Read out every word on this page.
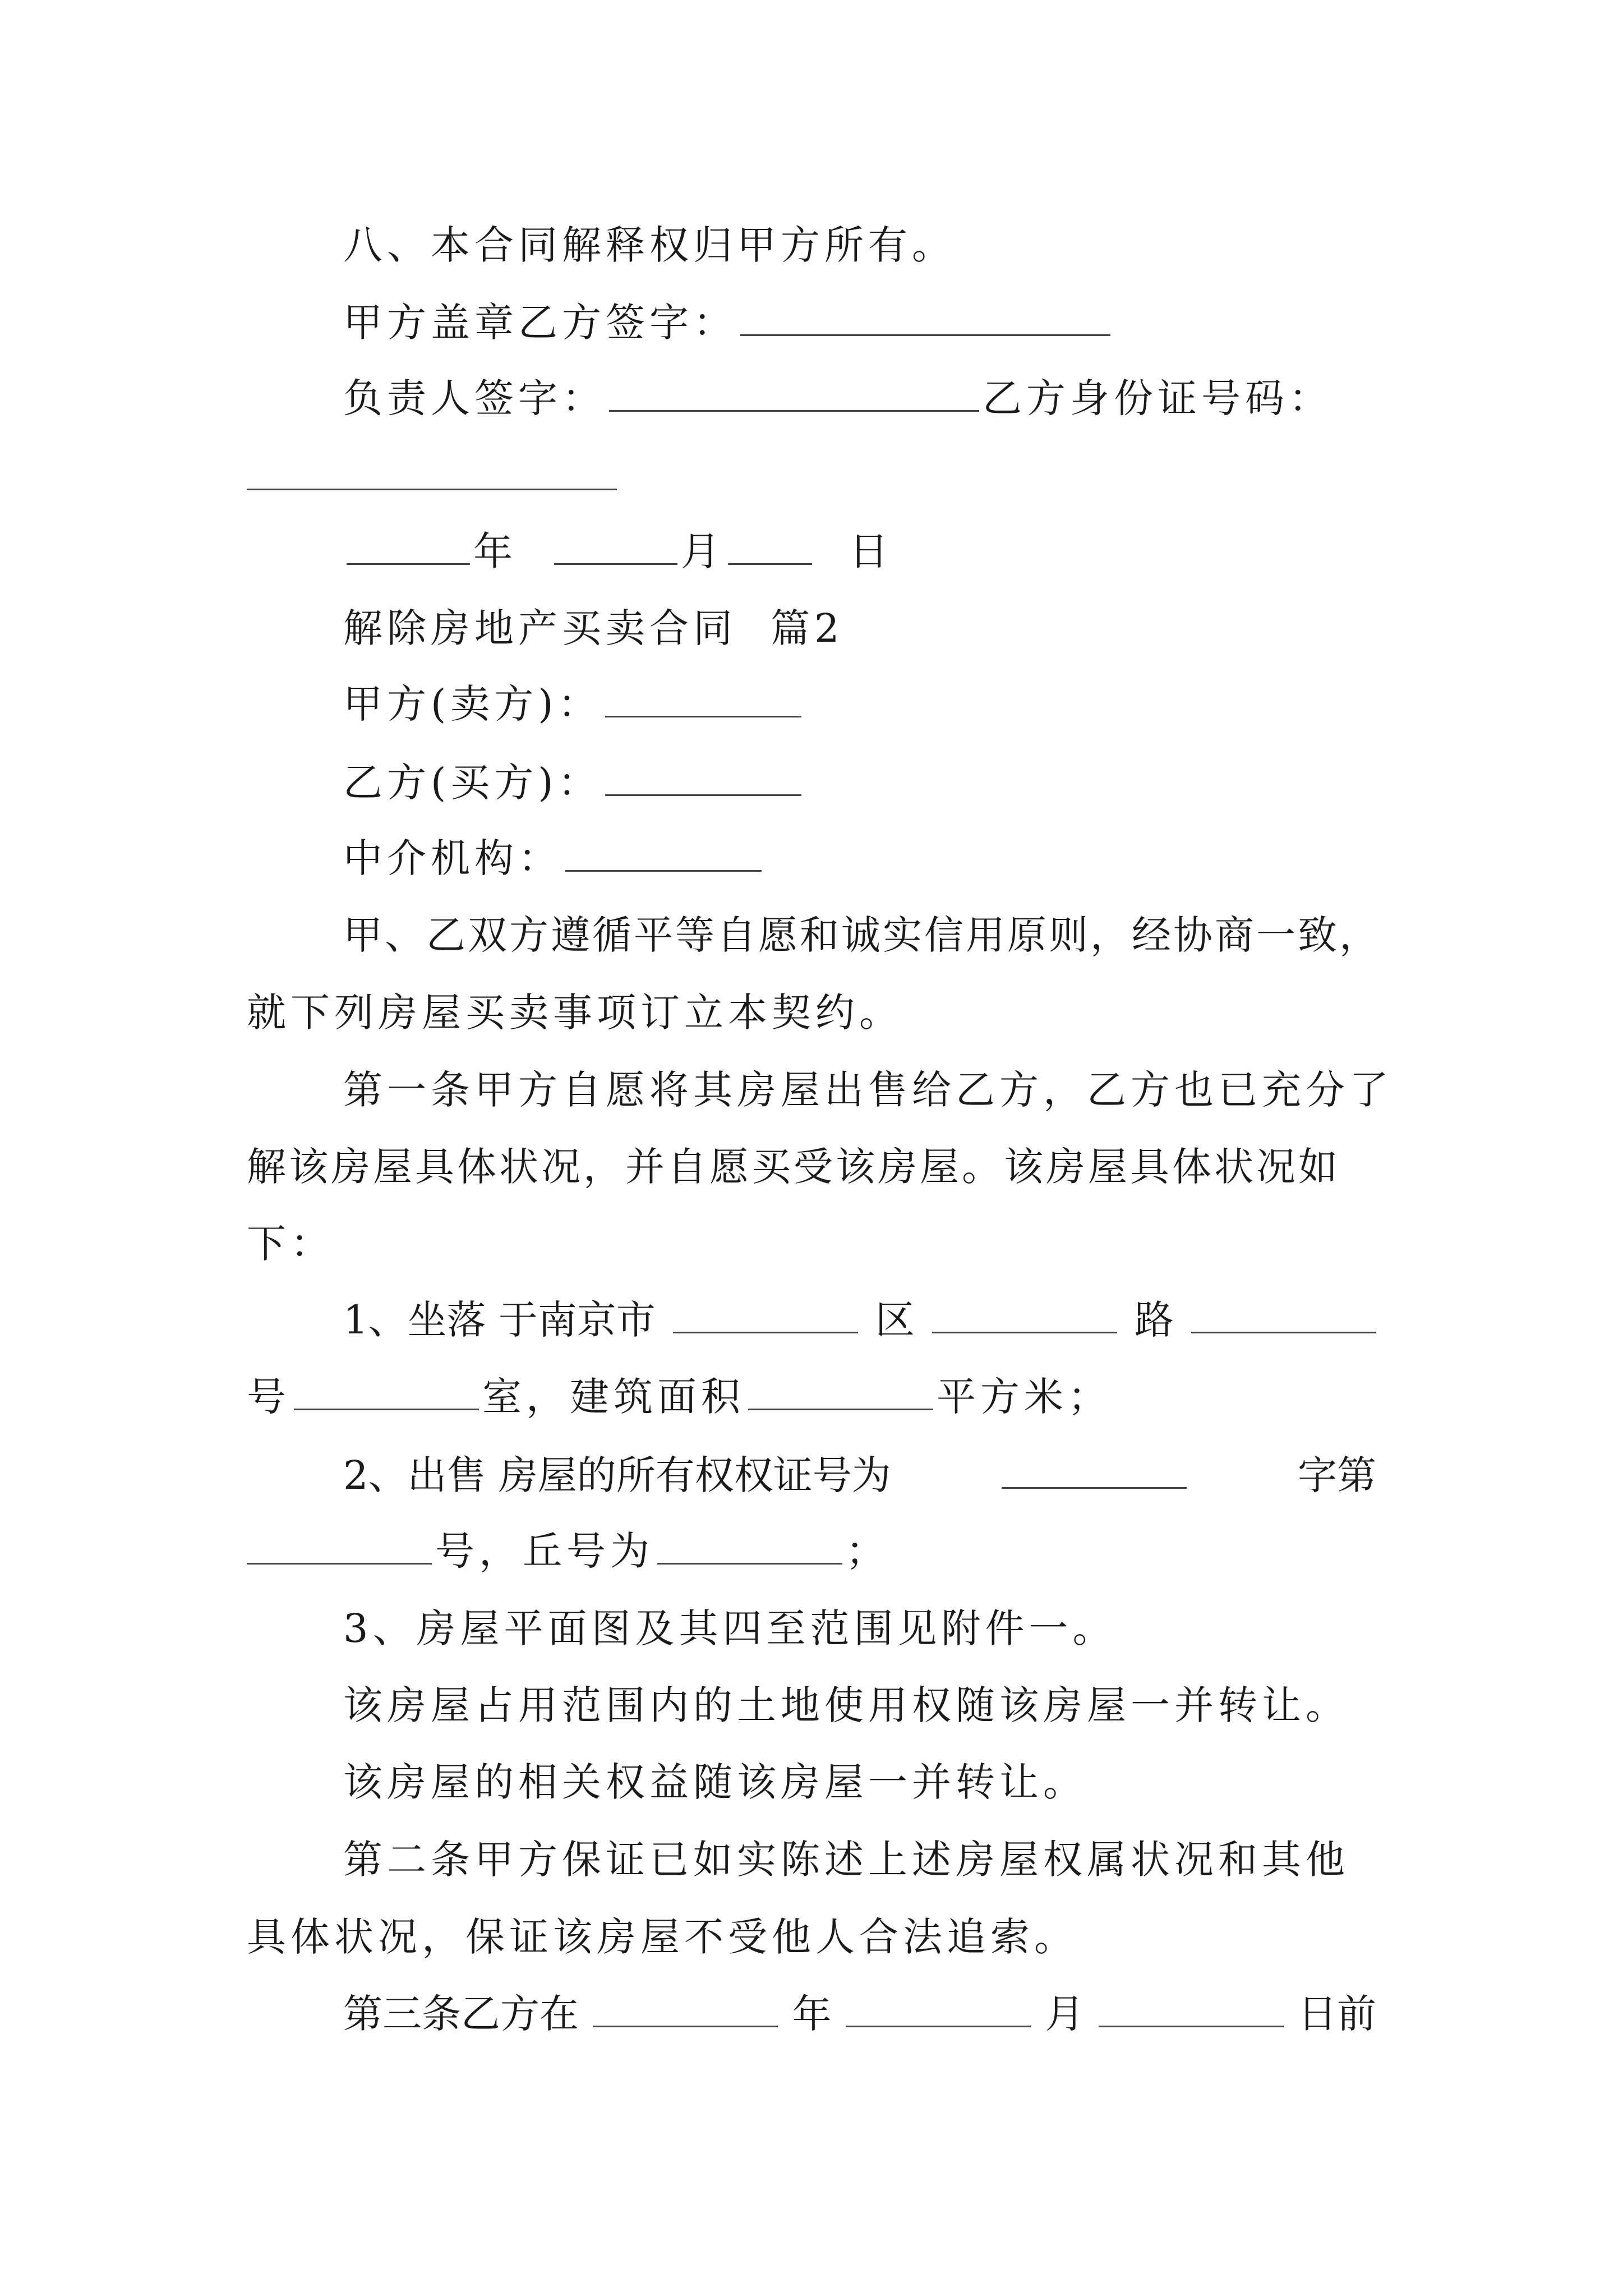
八、本合同解释权归甲方所有。
甲方盖章乙方签字：
负责人签字：	乙方身份证号码：
年	月	日
解除房地产买卖合同 篇2
甲方(卖方)：
乙方(买方)：
中介机构：
甲、乙双方遵循平等自愿和诚实信用原则，经协商一致，
就下列房屋买卖事项订立本契约。
第一条甲方自愿将其房屋出售给乙方，乙方也已充分了
解该房屋具体状况，并自愿买受该房屋。该房屋具体状况如
下：
1、坐落 于南京市	区	路
号	室，建筑面积	平方米；
2、出售 房屋的所有权权证号为	字第
号，丘号为	；
3、房屋平面图及其四至范围见附件一。
该房屋占用范围内的土地使用权随该房屋一并转让。
该房屋的相关权益随该房屋一并转让。
第二条甲方保证已如实陈述上述房屋权属状况和其他
具体状况，保证该房屋不受他人合法追索。
第三条乙方在	年	月	日前
